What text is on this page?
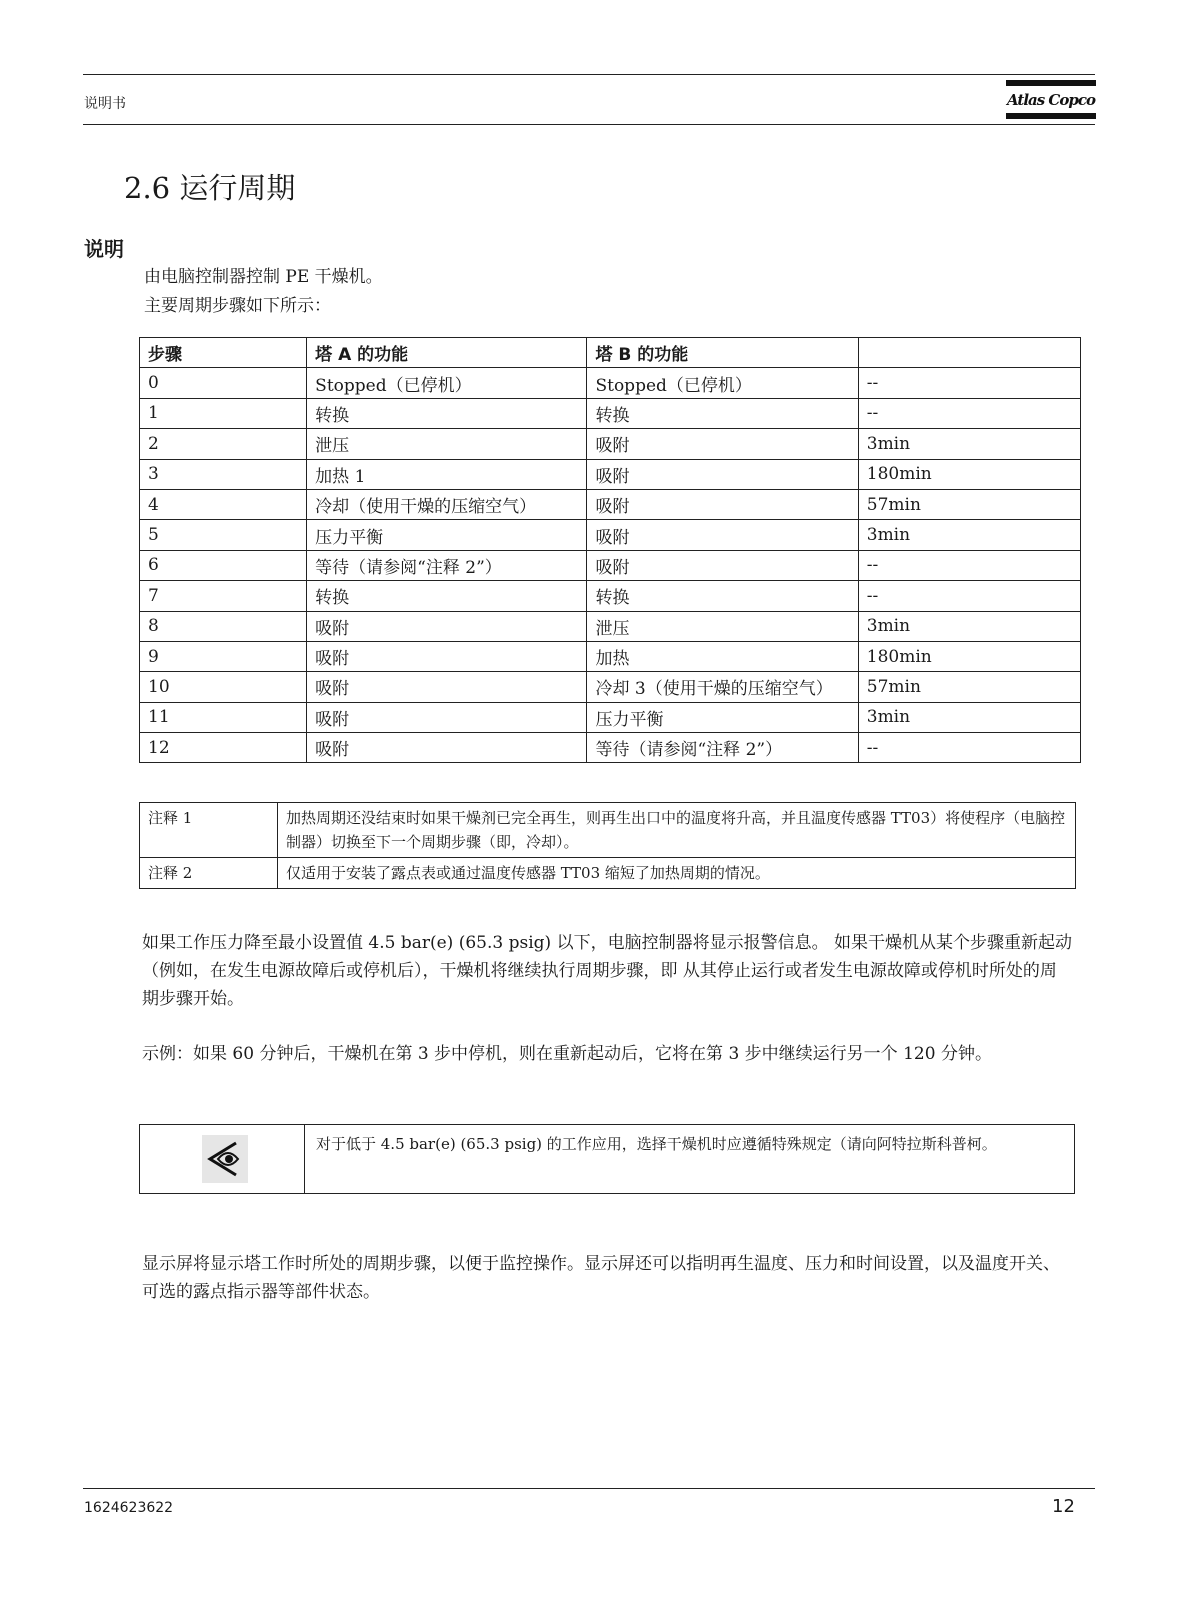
说明书	Atlas Copco
2.6 运行周期
说明
由电脑控制器控制 PE 干燥机。
主要周期步骤如下所示：
步骤	塔 A 的功能	塔 B 的功能	
0	Stopped（已停机）	Stopped（已停机）	--
1	转换	转换	--
2	泄压	吸附	3min
3	加热 1	吸附	180min
4	冷却（使用干燥的压缩空气）	吸附	57min
5	压力平衡	吸附	3min
6	等待（请参阅“注释 2”）	吸附	--
7	转换	转换	--
8	吸附	泄压	3min
9	吸附	加热	180min
10	吸附	冷却 3（使用干燥的压缩空气）	57min
11	吸附	压力平衡	3min
12	吸附	等待（请参阅“注释 2”）	--
注释 1	加热周期还没结束时如果干燥剂已完全再生，则再生出口中的温度将升高，并且温度传感器 TT03）将使程序（电脑控制器）切换至下一个周期步骤（即，冷却）。
注释 2	仅适用于安装了露点表或通过温度传感器 TT03 缩短了加热周期的情况。
如果工作压力降至最小设置值 4.5 bar(e) (65.3 psig) 以下，电脑控制器将显示报警信息。 如果干燥机从某个步骤重新起动（例如，在发生电源故障后或停机后），干燥机将继续执行周期步骤，即 从其停止运行或者发生电源故障或停机时所处的周期步骤开始。
示例：如果 60 分钟后，干燥机在第 3 步中停机，则在重新起动后，它将在第 3 步中继续运行另一个 120 分钟。
对于低于 4.5 bar(e) (65.3 psig) 的工作应用，选择干燥机时应遵循特殊规定（请向阿特拉斯科普柯。
显示屏将显示塔工作时所处的周期步骤，以便于监控操作。显示屏还可以指明再生温度、压力和时间设置，以及温度开关、可选的露点指示器等部件状态。
1624623622	12
